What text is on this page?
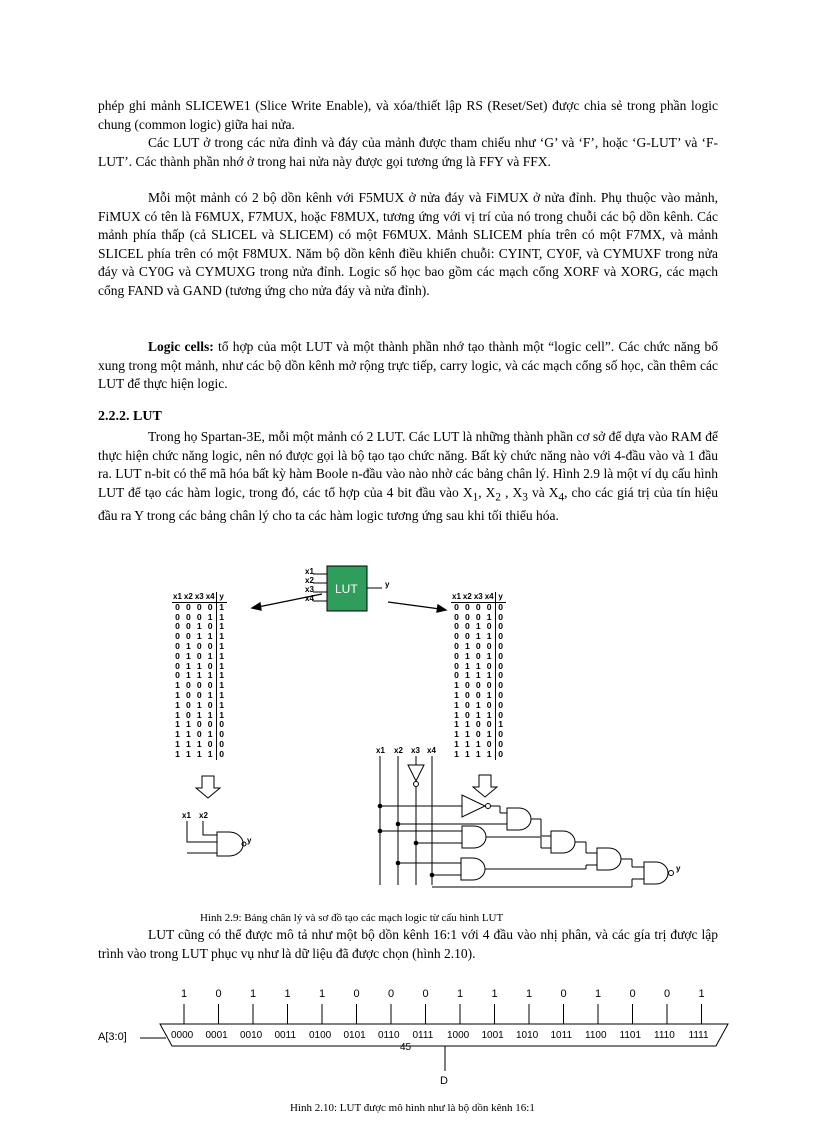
phép ghi mảnh SLICEWE1 (Slice Write Enable), và xóa/thiết lập RS (Reset/Set) được chia sẻ trong phần logic chung (common logic) giữa hai nửa.

Các LUT ở trong các nửa đỉnh và đáy của mảnh được tham chiếu như ‘G’ và ‘F’, hoặc ‘G-LUT’ và ‘F-LUT’. Các thành phần nhớ ở trong hai nửa này được gọi tương ứng là FFY và FFX.

Mỗi một mảnh có 2 bộ dồn kênh với F5MUX ở nửa đáy và FiMUX ở nửa đỉnh. Phụ thuộc vào mảnh, FiMUX có tên là F6MUX, F7MUX, hoặc F8MUX, tương ứng với vị trí của nó trong chuỗi các bộ dồn kênh. Các mảnh phía thấp (cả SLICEL và SLICEM) có một F6MUX. Mảnh SLICEM phía trên có một F7MX, và mảnh SLICEL phía trên có một F8MUX. Năm bộ dồn kênh điều khiển chuỗi: CYINT, CY0F, và CYMUXF trong nửa đáy và CY0G và CYMUXG trong nửa đỉnh. Logic số học bao gồm các mạch cổng XORF và XORG, các mạch cổng FAND và GAND (tương ứng cho nửa đáy và nửa đỉnh).

Logic cells: tổ hợp của một LUT và một thành phần nhớ tạo thành một “logic cell”. Các chức năng bổ xung trong một mảnh, như các bộ dồn kênh mở rộng trực tiếp, carry logic, và các mạch cổng số học, cần thêm các LUT để thực hiện logic.

2.2.2. LUT

Trong họ Spartan-3E, mỗi một mảnh có 2 LUT. Các LUT là những thành phần cơ sở để dựa vào RAM để thực hiện chức năng logic, nên nó được gọi là bộ tạo tạo chức năng. Bất kỳ chức năng nào với 4-đầu vào và 1 đầu ra. LUT n-bit có thể mã hóa bất kỳ hàm Boole n-đầu vào nào nhờ các bảng chân lý. Hình 2.9 là một ví dụ cấu hình LUT để tạo các hàm logic, trong đó, các tổ hợp của 4 bit đầu vào $X_1$, $X_2$ , $X_3$ và $X_4$, cho các giá trị của tín hiệu đầu ra Y trong các bảng chân lý cho ta các hàm logic tương ứng sau khi tối thiểu hóa.

LUT
x1
x2
x3
x4
y
x1	x2	x3	x4	y
0	0	0	0	1
0	0	0	1	1
0	0	1	0	1
0	0	1	1	1
0	1	0	0	1
0	1	0	1	1
0	1	1	0	1
0	1	1	1	1
1	0	0	0	1
1	0	0	1	1
1	0	1	0	1
1	0	1	1	1
1	1	0	0	0
1	1	0	1	0
1	1	1	0	0
1	1	1	1	0
x1	x2	x3	x4	y
0	0	0	0	0
0	0	0	1	0
0	0	1	0	0
0	0	1	1	0
0	1	0	0	0
0	1	0	1	0
0	1	1	0	0
0	1	1	1	0
1	0	0	0	0
1	0	0	1	0
1	0	1	0	0
1	0	1	1	0
1	1	0	0	1
1	1	0	1	0
1	1	1	0	0
1	1	1	1	0
x1 x2
y
x1 x2 x3 x4
y
Hình 2.9: Bảng chân lý và sơ đồ tạo các mạch logic từ cấu hình LUT

LUT cũng có thể được mô tả như một bộ dồn kênh 16:1 với 4 đầu vào nhị phân, và các gía trị được lập trình vào trong LUT phục vụ như là dữ liệu đã được chọn (hình 2.10).

1	0	1	1	1	0	0	0	1	1	1	0	1	0	0	1
0000 0001 0010 0011 0100 0101 0110 0111 1000 1001 1010 1011 1100 1101 1110 1111
A[3:0]
45
D
Hình 2.10: LUT được mô hình như là bộ dồn kênh 16:1
